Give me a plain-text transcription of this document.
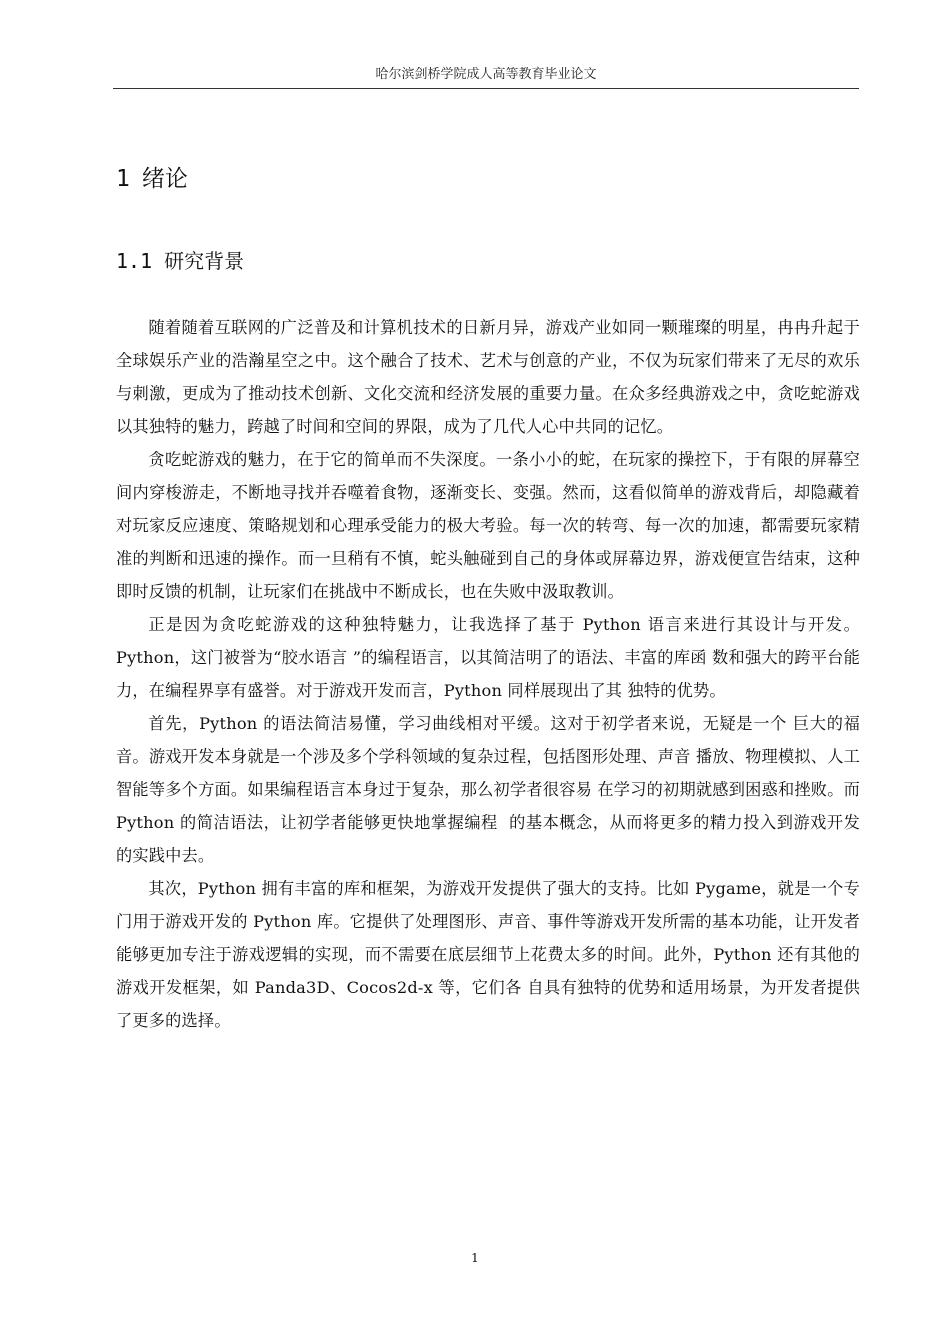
哈尔滨剑桥学院成人高等教育毕业论文
1 绪论
1.1 研究背景

随着随着互联网的广泛普及和计算机技术的日新月异，游戏产业如同一颗璀璨的明星，冉冉升起于全球娱乐产业的浩瀚星空之中。这个融合了技术、艺术与创意的产业，不仅为玩家们带来了无尽的欢乐与刺激，更成为了推动技术创新、文化交流和经济发展的重要力量。在众多经典游戏之中，贪吃蛇游戏以其独特的魅力，跨越了时间和空间的界限，成为了几代人心中共同的记忆。

贪吃蛇游戏的魅力，在于它的简单而不失深度。一条小小的蛇，在玩家的操控下，于有限的屏幕空间内穿梭游走，不断地寻找并吞噬着食物，逐渐变长、变强。然而，这看似简单的游戏背后，却隐藏着对玩家反应速度、策略规划和心理承受能力的极大考验。每一次的转弯、每一次的加速，都需要玩家精准的判断和迅速的操作。而一旦稍有不慎，蛇头触碰到自己的身体或屏幕边界，游戏便宣告结束，这种即时反馈的机制，让玩家们在挑战中不断成长，也在失败中汲取教训。

正是因为贪吃蛇游戏的这种独特魅力，让我选择了基于 Python 语言来进行其设计与开发。Python，这门被誉为“胶水语言 ”的编程语言，以其简洁明了的语法、丰富的库函 数和强大的跨平台能力，在编程界享有盛誉。对于游戏开发而言，Python 同样展现出了其 独特的优势。

首先，Python 的语法简洁易懂，学习曲线相对平缓。这对于初学者来说，无疑是一个 巨大的福音。游戏开发本身就是一个涉及多个学科领域的复杂过程，包括图形处理、声音 播放、物理模拟、人工智能等多个方面。如果编程语言本身过于复杂，那么初学者很容易 在学习的初期就感到困惑和挫败。而 Python 的简洁语法，让初学者能够更快地掌握编程  的基本概念，从而将更多的精力投入到游戏开发的实践中去。

其次，Python 拥有丰富的库和框架，为游戏开发提供了强大的支持。比如 Pygame，就是一个专门用于游戏开发的 Python 库。它提供了处理图形、声音、事件等游戏开发所需的基本功能，让开发者能够更加专注于游戏逻辑的实现，而不需要在底层细节上花费太多的时间。此外，Python 还有其他的游戏开发框架，如 Panda3D、Cocos2d-x 等，它们各 自具有独特的优势和适用场景，为开发者提供了更多的选择。

1
